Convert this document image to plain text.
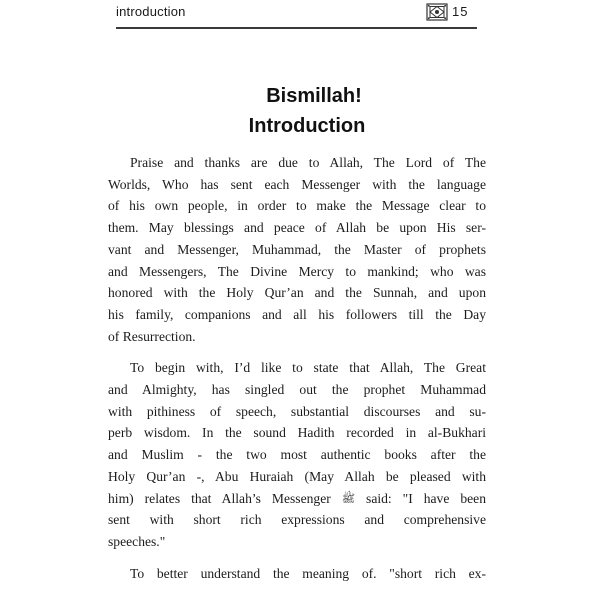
introduction	15
Bismillah!
Introduction
Praise and thanks are due to Allah, The Lord of The
Worlds, Who has sent each Messenger with the language
of his own people, in order to make the Message clear to
them. May blessings and peace of Allah be upon His ser-
vant and Messenger, Muhammad, the Master of prophets
and Messengers, The Divine Mercy to mankind; who was
honored with the Holy Qur’an and the Sunnah, and upon
his family, companions and all his followers till the Day
of Resurrection.
To begin with, I’d like to state that Allah, The Great
and Almighty, has singled out the prophet Muhammad
with pithiness of speech, substantial discourses and su-
perb wisdom. In the sound Hadith recorded in al-Bukhari
and Muslim - the two most authentic books after the
Holy Qur’an -, Abu Huraiah (May Allah be pleased with
him) relates that Allah’s Messenger ﷺ said: "I have been
sent with short rich expressions and comprehensive
speeches."
To better understand the meaning of. "short rich ex-
